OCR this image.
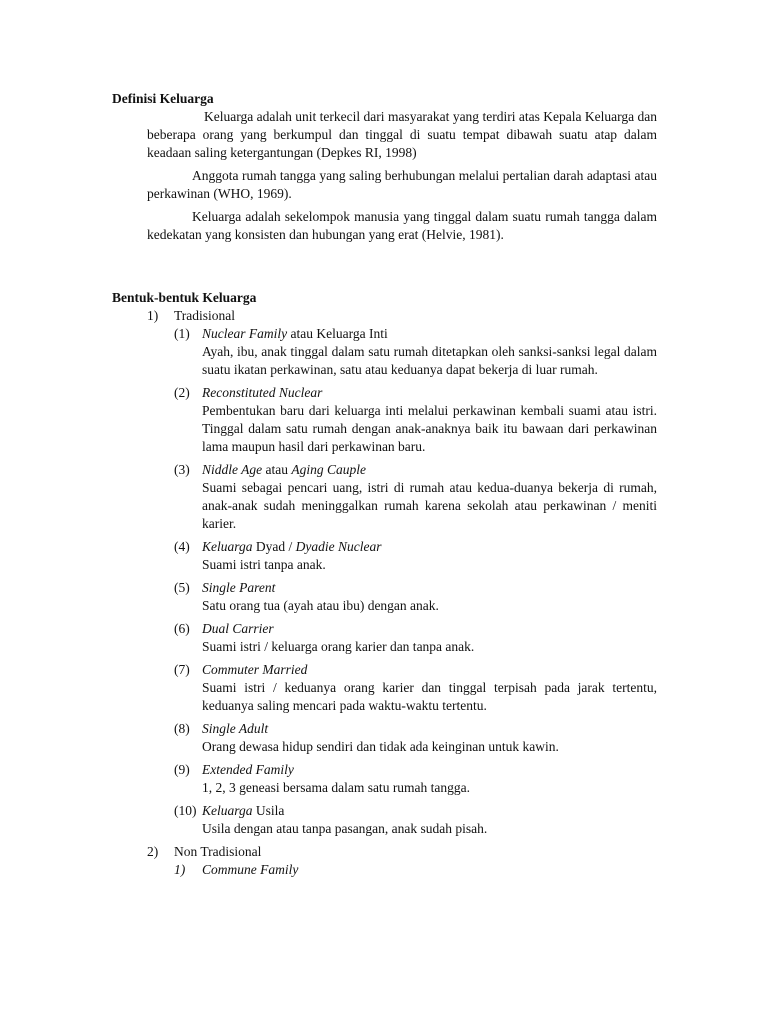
Definisi Keluarga

Keluarga adalah unit terkecil dari masyarakat yang terdiri atas Kepala Keluarga dan beberapa orang yang berkumpul dan tinggal di suatu tempat dibawah suatu atap dalam keadaan saling ketergantungan (Depkes RI, 1998)

Anggota rumah tangga yang saling berhubungan melalui pertalian darah adaptasi atau perkawinan (WHO, 1969).

Keluarga adalah sekelompok manusia yang tinggal dalam suatu rumah tangga dalam kedekatan yang konsisten dan hubungan yang erat (Helvie, 1981).

Bentuk-bentuk Keluarga

1)	Tradisional
(1) Nuclear Family atau Keluarga Inti
Ayah, ibu, anak tinggal dalam satu rumah ditetapkan oleh sanksi-sanksi legal dalam suatu ikatan perkawinan, satu atau keduanya dapat bekerja di luar rumah.
(2) Reconstituted Nuclear
Pembentukan baru dari keluarga inti melalui perkawinan kembali suami atau istri. Tinggal dalam satu rumah dengan anak-anaknya baik itu bawaan dari perkawinan lama maupun hasil dari perkawinan baru.
(3) Niddle Age atau Aging Cauple
Suami sebagai pencari uang, istri di rumah atau kedua-duanya bekerja di rumah, anak-anak sudah meninggalkan rumah karena sekolah atau perkawinan / meniti karier.
(4) Keluarga Dyad / Dyadie Nuclear
Suami istri tanpa anak.
(5) Single Parent
Satu orang tua (ayah atau ibu) dengan anak.
(6) Dual Carrier
Suami istri / keluarga orang karier dan tanpa anak.
(7) Commuter Married
Suami istri / keduanya orang karier dan tinggal terpisah pada jarak tertentu, keduanya saling mencari pada waktu-waktu tertentu.
(8) Single Adult
Orang dewasa hidup sendiri dan tidak ada keinginan untuk kawin.
(9) Extended Family
1, 2, 3 geneasi bersama dalam satu rumah tangga.
(10) Keluarga Usila
Usila dengan atau tanpa pasangan, anak sudah pisah.
2)	Non Tradisional
1)	Commune Family
